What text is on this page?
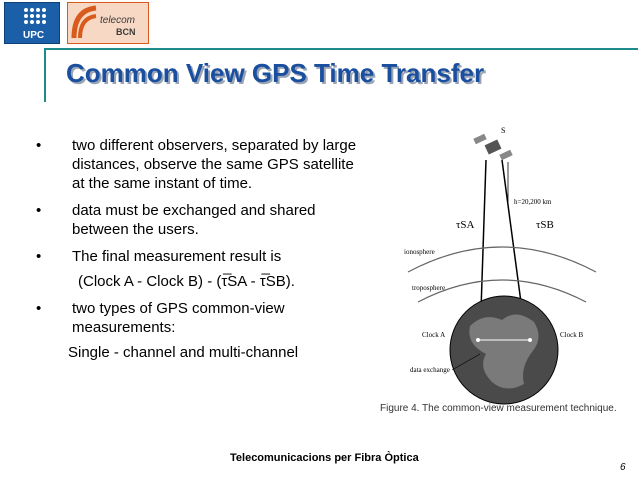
UPC
telecom
BCN
Common View GPS Time Transfer
• two different observers, separated by large distances, observe the same GPS satellite at the same instant of time.
• data must be exchanged and shared between the users.
• The final measurement result is
(Clock A - Clock B) - (τ̅SA - τ̅SB).
• two types of GPS common-view measurements:
Single - channel and multi-channel
S
h=20,200 km
τSA	τSB
ionosphere
troposphere
Clock A	Clock B
data exchange
Figure 4. The common-view measurement technique.
Telecomunicacions per Fibra Òptica
6
